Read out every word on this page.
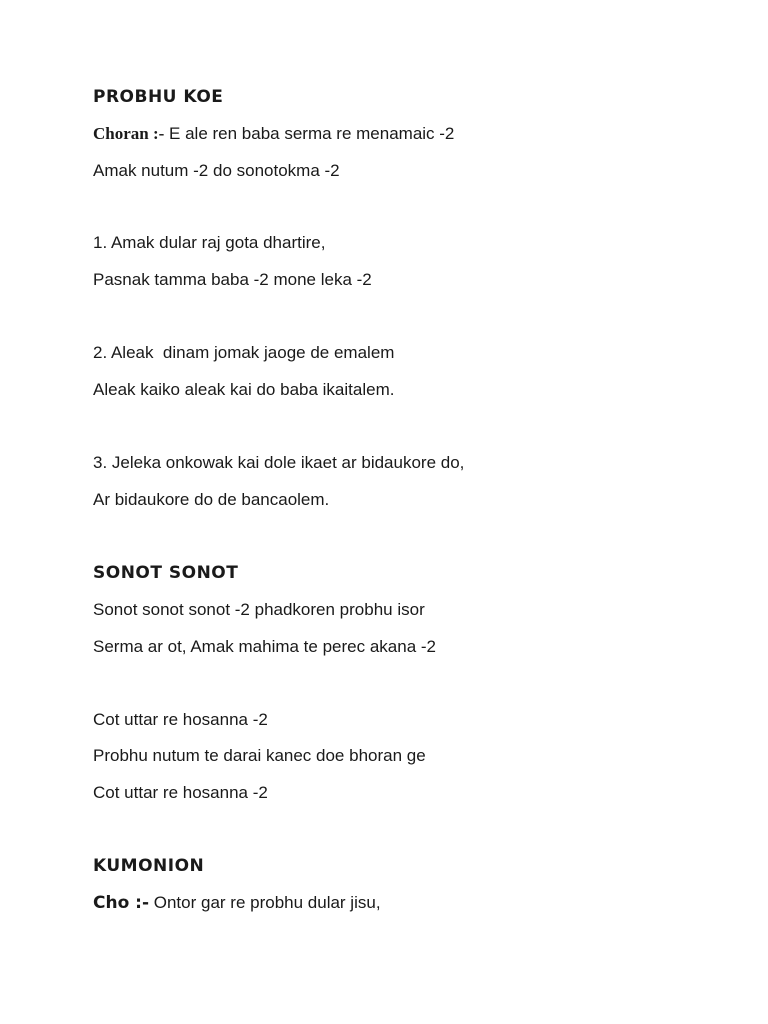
PROBHU KOE
Choran :- E ale ren baba serma re menamaic -2
Amak nutum -2 do sonotokma -2
1. Amak dular raj gota dhartire,
Pasnak tamma baba -2 mone leka -2
2. Aleak  dinam jomak jaoge de emalem
Aleak kaiko aleak kai do baba ikaitalem.
3. Jeleka onkowak kai dole ikaet ar bidaukore do,
Ar bidaukore do de bancaolem.
SONOT SONOT
Sonot sonot sonot -2 phadkoren probhu isor
Serma ar ot, Amak mahima te perec akana -2
Cot uttar re hosanna -2
Probhu nutum te darai kanec doe bhoran ge
Cot uttar re hosanna -2
KUMONION
Cho :- Ontor gar re probhu dular jisu,
